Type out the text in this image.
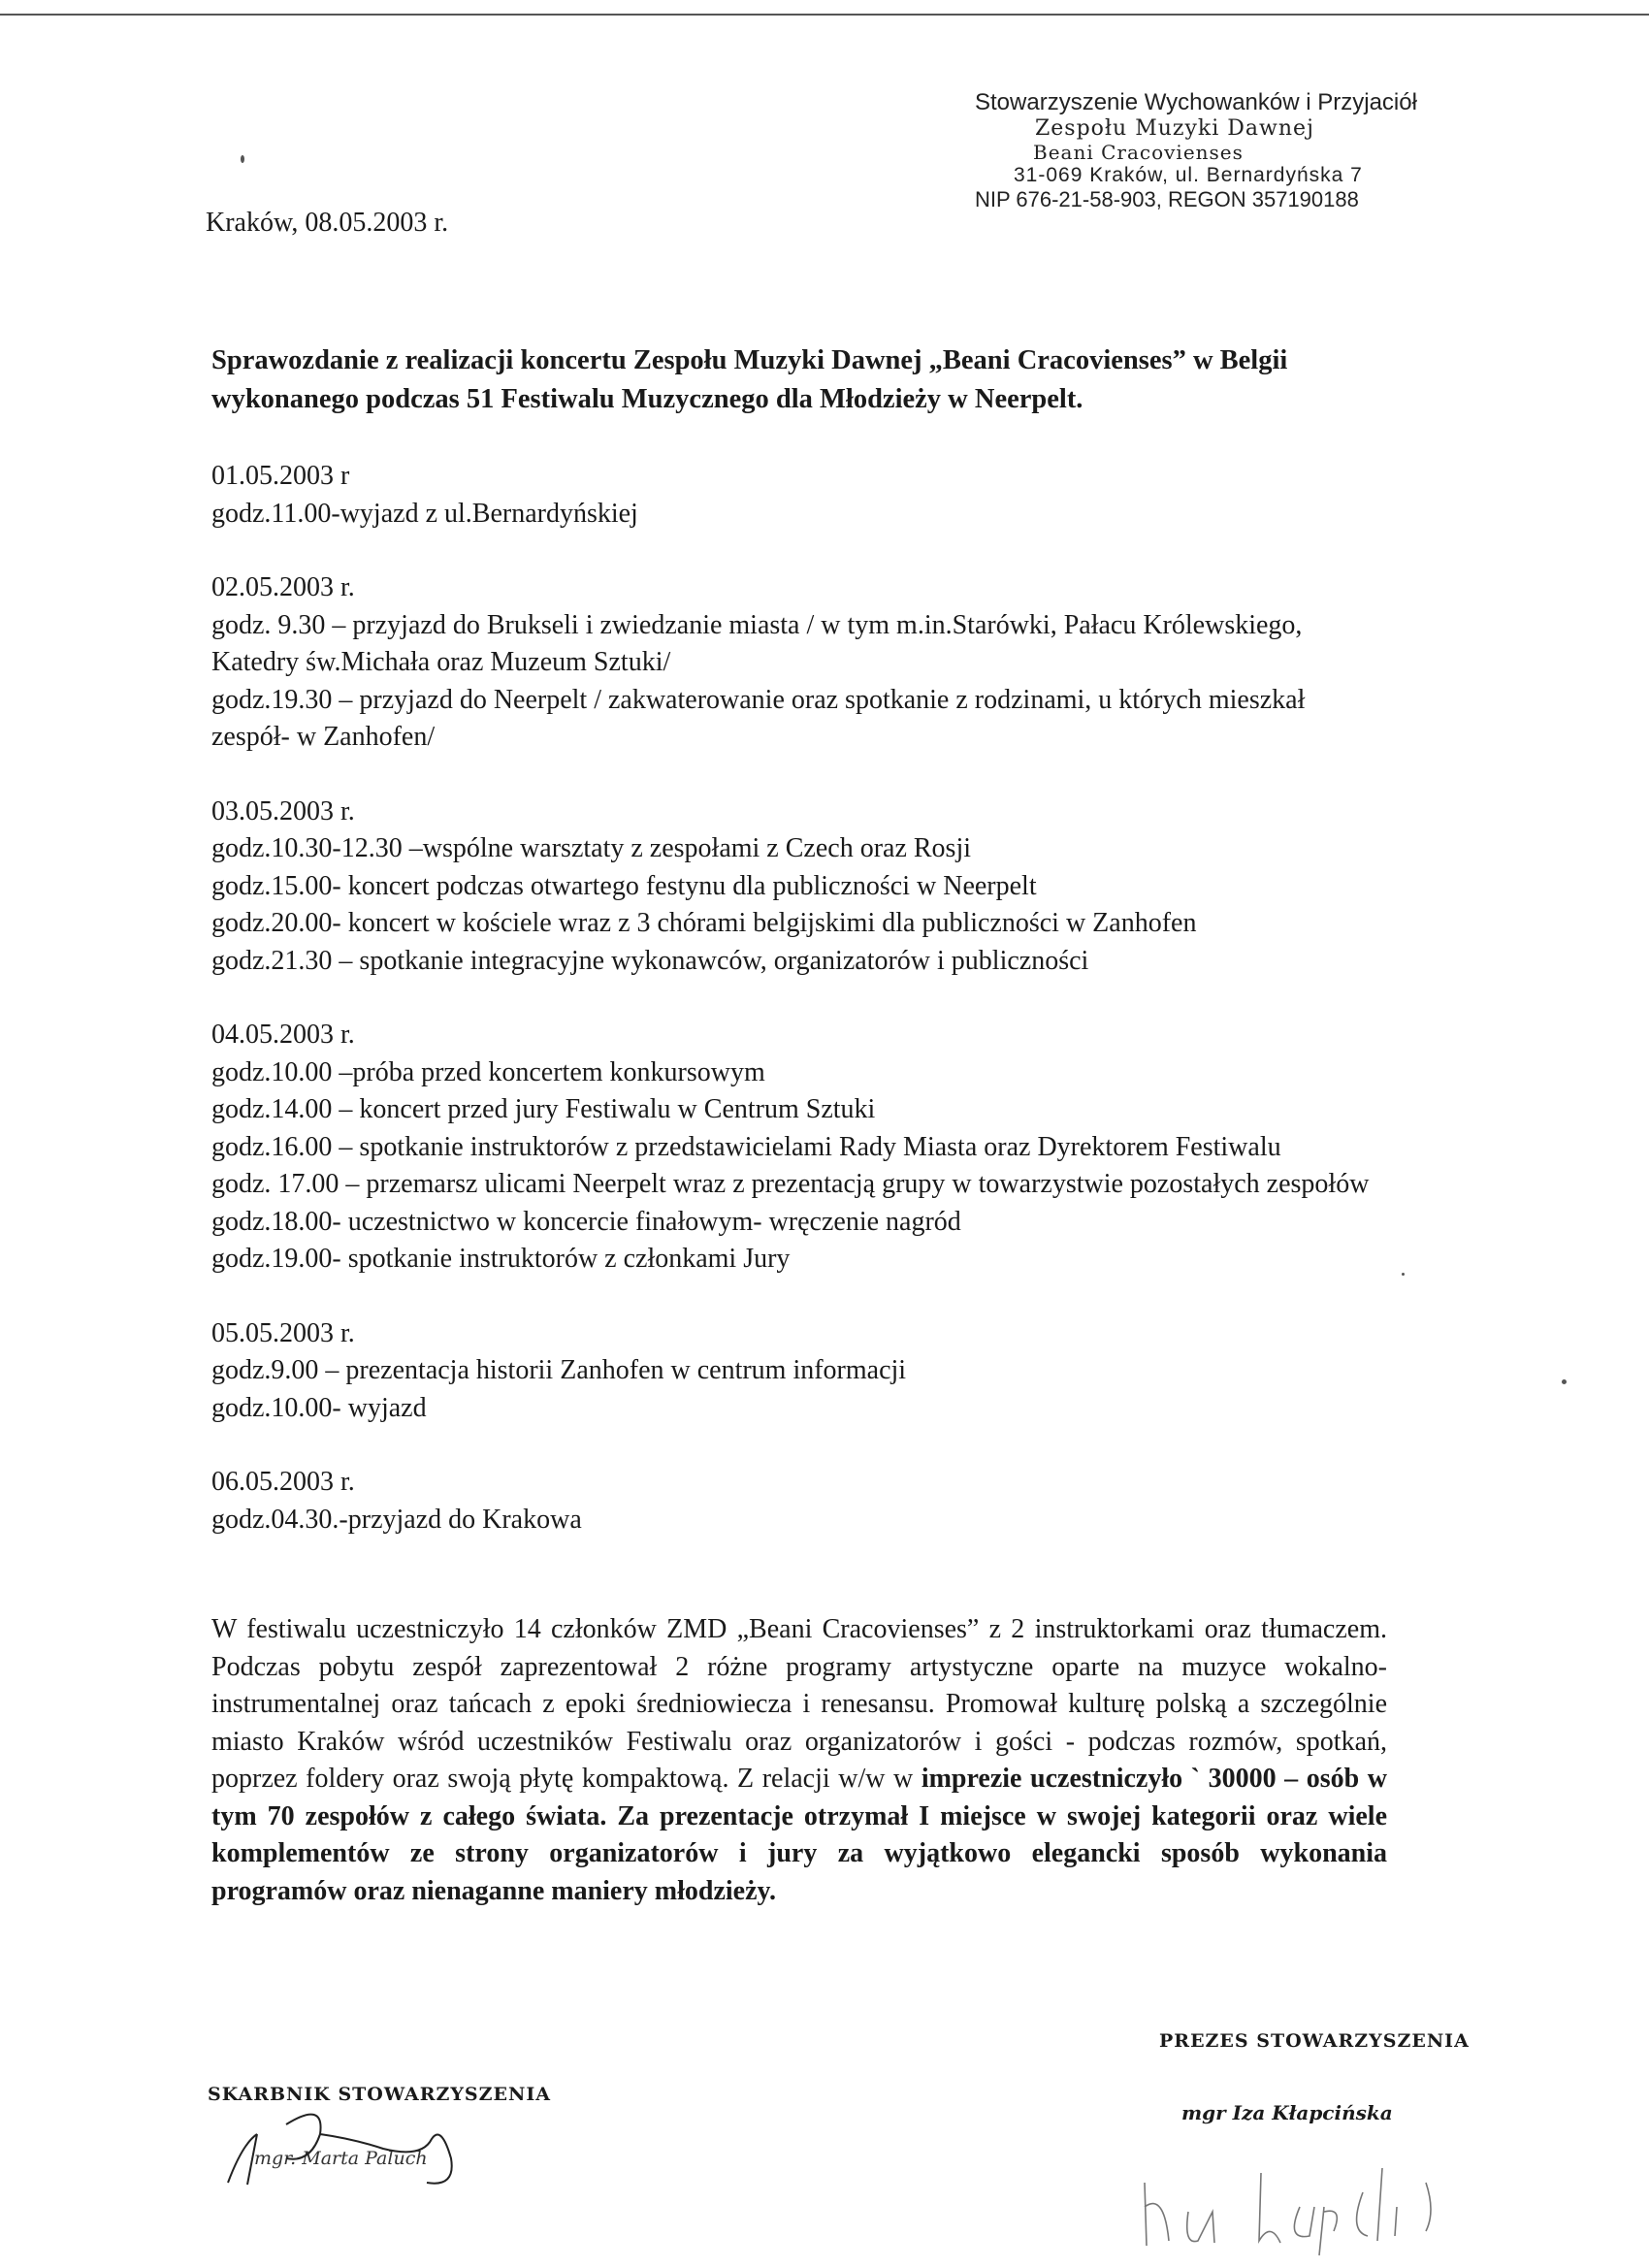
Stowarzyszenie Wychowanków i Przyjaciół
Zespołu Muzyki Dawnej
Beani Cracovienses
31-069 Kraków, ul. Bernardyńska 7
NIP 676-21-58-903, REGON 357190188
Kraków, 08.05.2003 r.
Sprawozdanie z realizacji koncertu Zespołu Muzyki Dawnej „Beani Cracovienses” w Belgii wykonanego podczas 51 Festiwalu Muzycznego dla Młodzieży w Neerpelt.
01.05.2003 r
godz.11.00-wyjazd z ul.Bernardyńskiej
02.05.2003 r.
godz. 9.30 – przyjazd do Brukseli i zwiedzanie miasta / w tym m.in.Starówki, Pałacu Królewskiego, Katedry św.Michała oraz Muzeum Sztuki/
godz.19.30 – przyjazd do Neerpelt / zakwaterowanie oraz spotkanie z rodzinami, u których mieszkał zespół- w Zanhofen/
03.05.2003 r.
godz.10.30-12.30 –wspólne warsztaty z zespołami z Czech oraz Rosji
godz.15.00- koncert podczas otwartego festynu dla publiczności w Neerpelt
godz.20.00- koncert w kościele wraz z 3 chórami belgijskimi dla publiczności w Zanhofen
godz.21.30 – spotkanie integracyjne wykonawców, organizatorów i publiczności
04.05.2003 r.
godz.10.00 –próba przed koncertem konkursowym
godz.14.00 – koncert przed jury Festiwalu w Centrum Sztuki
godz.16.00 – spotkanie instruktorów z przedstawicielami Rady Miasta oraz Dyrektorem Festiwalu
godz. 17.00 – przemarsz ulicami Neerpelt wraz z prezentacją grupy w towarzystwie pozostałych zespołów
godz.18.00- uczestnictwo w koncercie finałowym- wręczenie nagród
godz.19.00- spotkanie instruktorów z członkami Jury
05.05.2003 r.
godz.9.00 – prezentacja historii Zanhofen w centrum informacji
godz.10.00- wyjazd
06.05.2003 r.
godz.04.30.-przyjazd do Krakowa
W festiwalu uczestniczyło 14 członków ZMD „Beani Cracovienses” z 2 instruktorkami oraz tłumaczem. Podczas pobytu zespół zaprezentował 2 różne programy artystyczne oparte na muzyce wokalno-instrumentalnej oraz tańcach z epoki średniowiecza i renesansu. Promował kulturę polską a szczególnie miasto Kraków wśród uczestników Festiwalu oraz organizatorów i gości - podczas rozmów, spotkań, poprzez foldery oraz swoją płytę kompaktową. Z relacji w/w w imprezie uczestniczyło ` 30000 – osób w tym 70 zespołów z całego świata. Za prezentacje otrzymał I miejsce w swojej kategorii oraz wiele komplementów ze strony organizatorów i jury za wyjątkowo elegancki sposób wykonania programów oraz nienaganne maniery młodzieży.
PREZES STOWARZYSZENIA
mgr Iza Kłapcińska
SKARBNIK STOWARZYSZENIA
mgr. Marta Paluch
